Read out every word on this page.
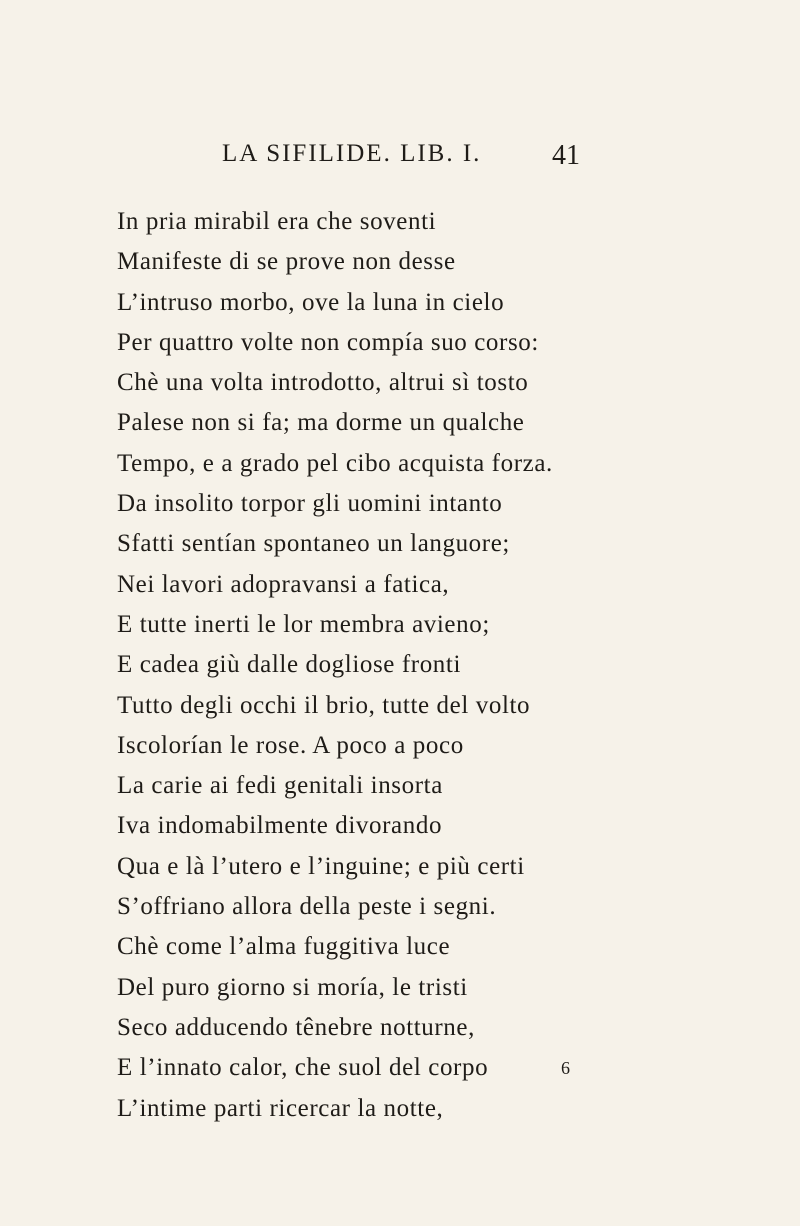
LA SIFILIDE. LIB. I.	41
In pria mirabil era che soventi
Manifeste di se prove non desse
L’intruso morbo, ove la luna in cielo
Per quattro volte non compía suo corso:
Chè una volta introdotto, altrui sì tosto
Palese non si fa; ma dorme un qualche
Tempo, e a grado pel cibo acquista forza.
Da insolito torpor gli uomini intanto
Sfatti sentían spontaneo un languore;
Nei lavori adopravansi a fatica,
E tutte inerti le lor membra avieno;
E cadea giù dalle dogliose fronti
Tutto degli occhi il brio, tutte del volto
Iscolorían le rose. A poco a poco
La carie ai fedi genitali insorta
Iva indomabilmente divorando
Qua e là l’utero e l’inguine; e più certi
S’offriano allora della peste i segni.
Chè come l’alma fuggitiva luce
Del puro giorno si moría, le tristi
Seco adducendo tênebre notturne,
E l’innato calor, che suol del corpo
L’intime parti ricercar la notte,
6
